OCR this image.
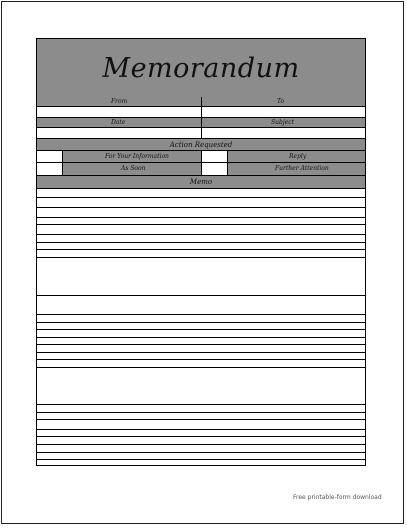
Memorandum
From	To
Date	Subject
Action Requested
For Your Information	Reply
As Soon	Further Attention
Memo
Free printable-form download
